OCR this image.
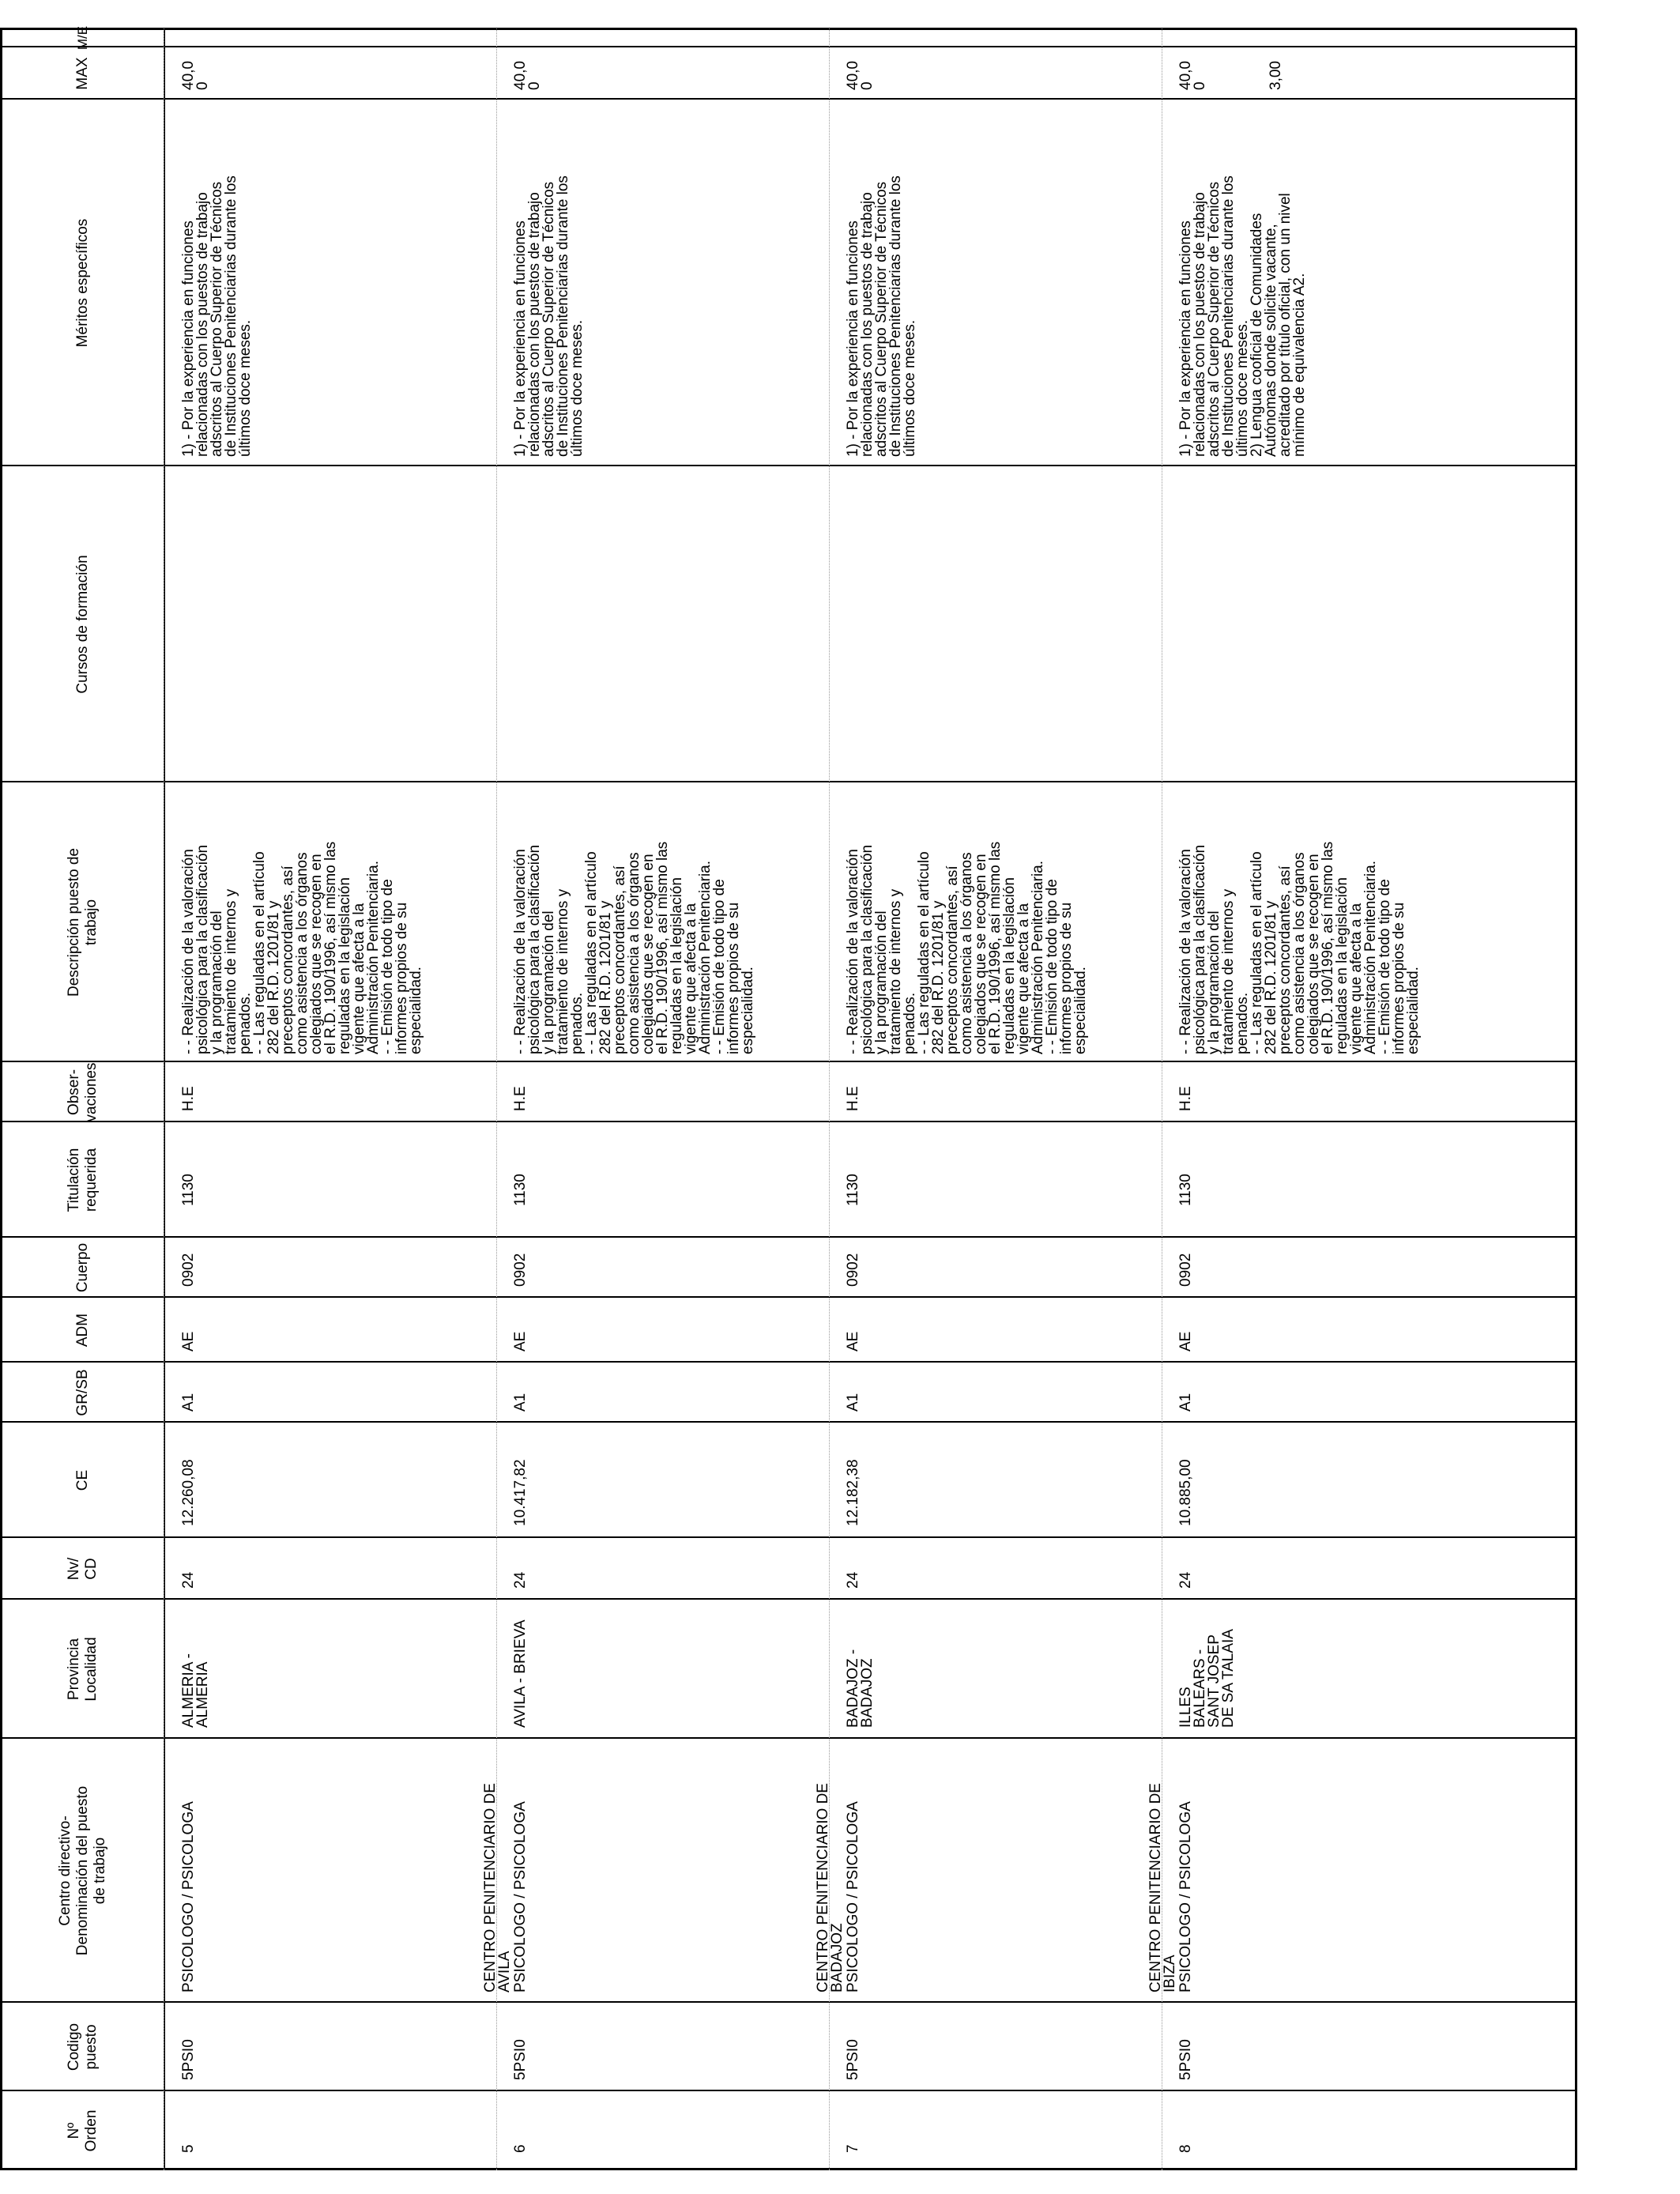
Nº
Orden
Codigo
puesto
Centro directivo-
Denominación del puesto
de trabajo
Provincia
Localidad
Nv/
CD
CE
GR/SB
ADM
Cuerpo
Titulación
requerida
Obser-
vaciones
Descripción puesto de
trabajo
Cursos de formación
Méritos específicos
MAX
M/E
5
5PSI0
PSICOLOGO / PSICOLOGA
ALMERIA -
ALMERIA
24
12.260,08
A1
AE
0902
1130
H.E
- - Realización de la valoración
psicológica para la clasificación
y la programación del
tratamiento de internos y
penados.
- - Las reguladas en el artículo
282 del R.D. 1201/81 y
preceptos concordantes, así
como asistencia a los órganos
colegiados que se recogen en
el R.D. 190/1996, así mismo las
reguladas en la legislación
vigente que afecta a la
Administración Penitenciaria.
- - Emisión de todo tipo de
informes propios de su
especialidad.
1) - Por la experiencia en funciones
relacionadas con los puestos de trabajo
adscritos al Cuerpo Superior de Técnicos
de Instituciones Penitenciarias durante los
últimos doce meses.
40,0
0
CENTRO PENITENCIARIO DE
AVILA
6
5PSI0
PSICOLOGO / PSICOLOGA
AVILA - BRIEVA
24
10.417,82
A1
AE
0902
1130
H.E
- - Realización de la valoración
psicológica para la clasificación
y la programación del
tratamiento de internos y
penados.
- - Las reguladas en el artículo
282 del R.D. 1201/81 y
preceptos concordantes, así
como asistencia a los órganos
colegiados que se recogen en
el R.D. 190/1996, así mismo las
reguladas en la legislación
vigente que afecta a la
Administración Penitenciaria.
- - Emisión de todo tipo de
informes propios de su
especialidad.
1) - Por la experiencia en funciones
relacionadas con los puestos de trabajo
adscritos al Cuerpo Superior de Técnicos
de Instituciones Penitenciarias durante los
últimos doce meses.
40,0
0
CENTRO PENITENCIARIO DE
BADAJOZ
7
5PSI0
PSICOLOGO / PSICOLOGA
BADAJOZ -
BADAJOZ
24
12.182,38
A1
AE
0902
1130
H.E
- - Realización de la valoración
psicológica para la clasificación
y la programación del
tratamiento de internos y
penados.
- - Las reguladas en el artículo
282 del R.D. 1201/81 y
preceptos concordantes, así
como asistencia a los órganos
colegiados que se recogen en
el R.D. 190/1996, así mismo las
reguladas en la legislación
vigente que afecta a la
Administración Penitenciaria.
- - Emisión de todo tipo de
informes propios de su
especialidad.
1) - Por la experiencia en funciones
relacionadas con los puestos de trabajo
adscritos al Cuerpo Superior de Técnicos
de Instituciones Penitenciarias durante los
últimos doce meses.
40,0
0
CENTRO PENITENCIARIO DE
IBIZA
8
5PSI0
PSICOLOGO / PSICOLOGA
ILLES
BALEARS -
SANT JOSEP
DE SA TALAIA
24
10.885,00
A1
AE
0902
1130
H.E
- - Realización de la valoración
psicológica para la clasificación
y la programación del
tratamiento de internos y
penados.
- - Las reguladas en el artículo
282 del R.D. 1201/81 y
preceptos concordantes, así
como asistencia a los órganos
colegiados que se recogen en
el R.D. 190/1996, así mismo las
reguladas en la legislación
vigente que afecta a la
Administración Penitenciaria.
- - Emisión de todo tipo de
informes propios de su
especialidad.
1) - Por la experiencia en funciones
relacionadas con los puestos de trabajo
adscritos al Cuerpo Superior de Técnicos
de Instituciones Penitenciarias durante los
últimos doce meses.
2) Lengua cooficial de Comunidades
Autónomas donde solicite vacante,
acreditado por título oficial, con un nivel
mínimo de equivalencia A2.
40,0
0	3,00
